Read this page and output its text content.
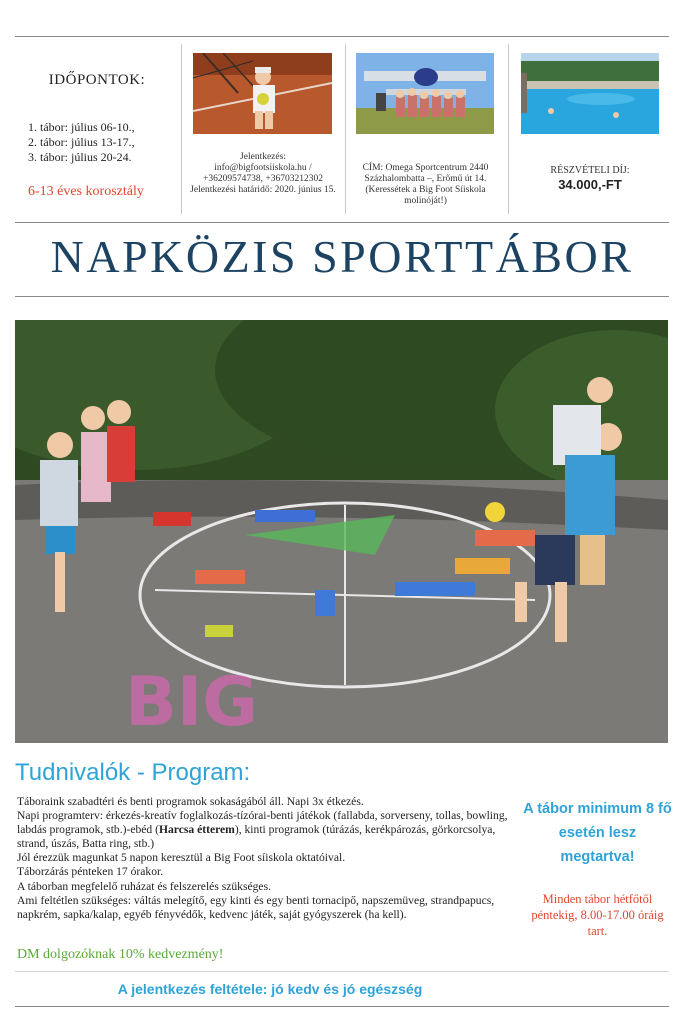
IDŐPONTOK:
1. tábor: július 06-10.,
2. tábor: július 13-17.,
3. tábor: július 20-24.
6-13 éves korosztály
Jelentkezés:
info@bigfootsiiskola.hu / +36209574738, +36703212302
Jelentkezési határidő: 2020. június 15.
CÍM: Omega Sportcentrum 2440 Százhalombatta –, Erőmű út 14. (Keressétek a Big Foot Síiskola molinóját!)
RÉSZVÉTELI DÍJ:
34.000,-FT
NAPKÖZIS SPORTTÁBOR
BIG
Tudnivalók - Program:

Táboraink szabadtéri és benti programok sokaságából áll. Napi 3x étkezés.

Napi programterv: érkezés-kreatív foglalkozás-tízórai-benti játékok (fallabda, sorverseny, tollas, bowling, labdás programok, stb.)-ebéd (Harcsa étterem), kinti programok (túrázás, kerékpározás, görkorcsolya, strand, úszás, Batta ring, stb.)

Jól érezzük magunkat 5 napon keresztül a Big Foot síiskola oktatóival.

Táborzárás pénteken 17 órakor.

A táborban megfelelő ruházat és felszerelés szükséges.

Ami feltétlen szükséges: váltás melegítő, egy kinti és egy benti tornacipő, napszemüveg, strandpapucs, napkrém, sapka/kalap, egyéb fényvédők, kedvenc játék, saját gyógyszerek (ha kell).

DM dolgozóknak 10% kedvezmény!
A tábor minimum 8 fő esetén lesz megtartva!
Minden tábor hétfőtől péntekig, 8.00-17.00 óráig tart.
A jelentkezés feltétele: jó kedv és jó egészség
